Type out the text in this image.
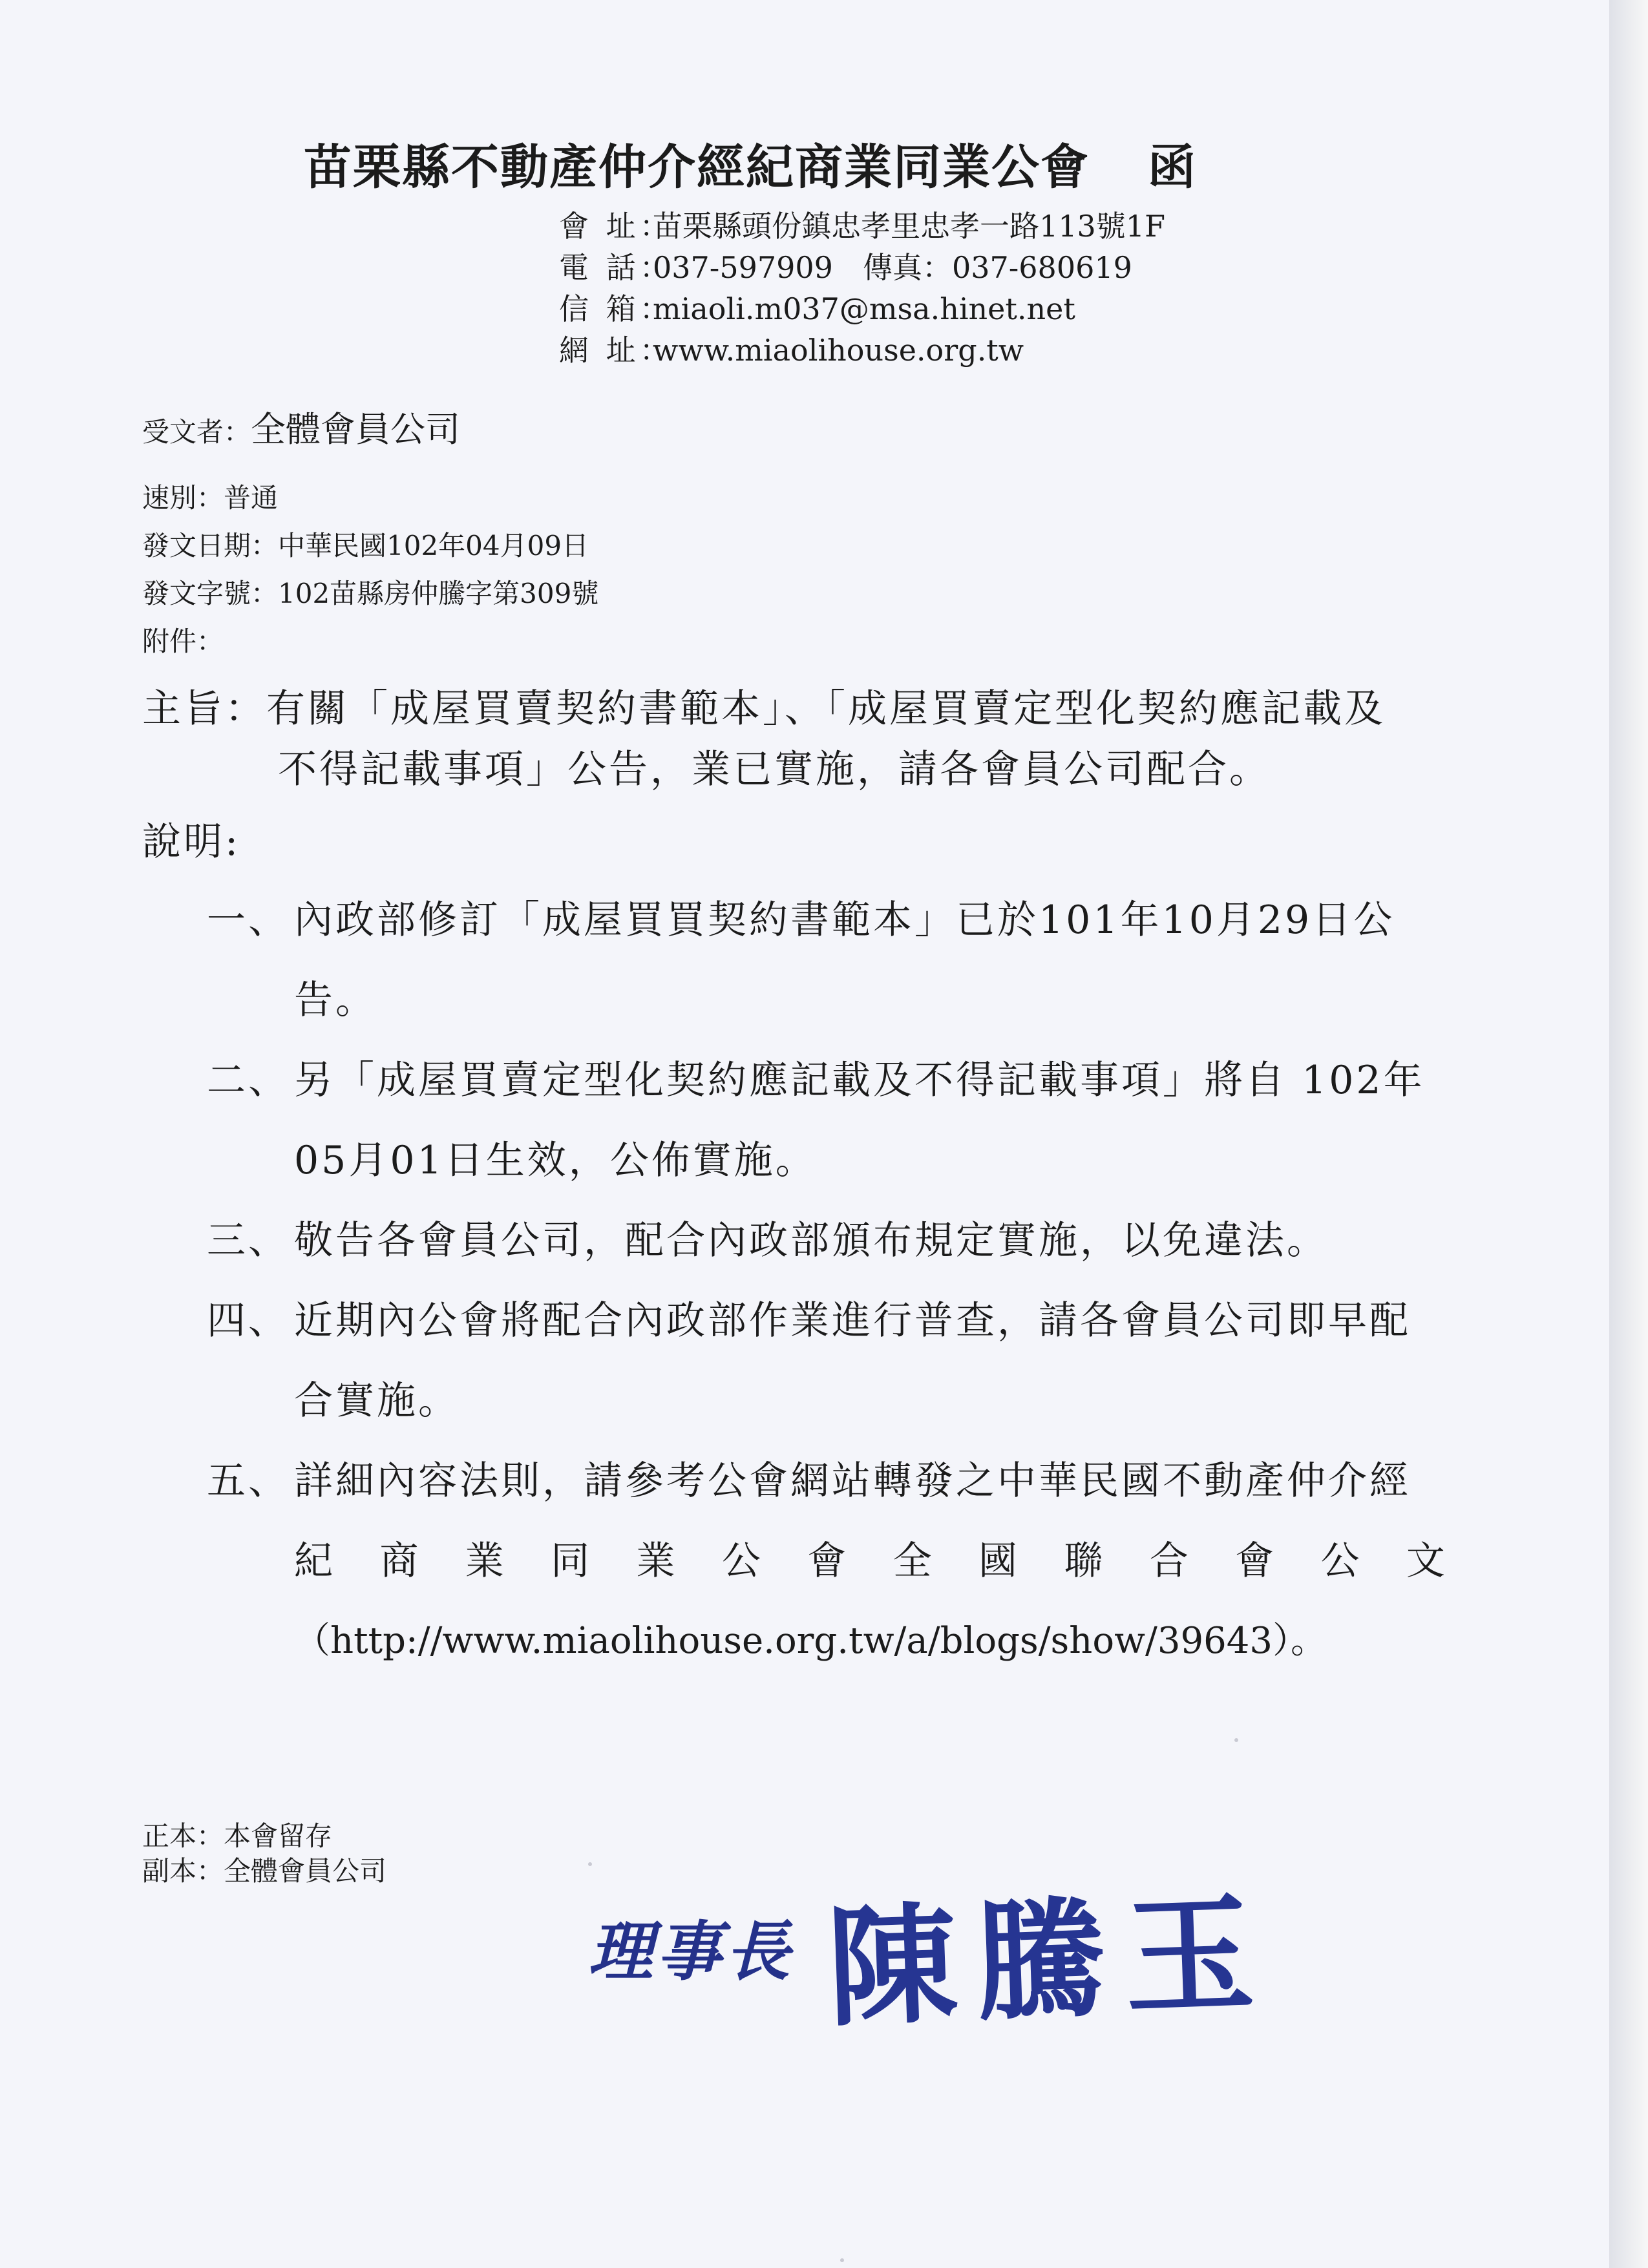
苗栗縣不動產仲介經紀商業同業公會 函
會 址：苗栗縣頭份鎮忠孝里忠孝一路113號1F
電 話：037-597909　傳真：037-680619
信 箱：miaoli.m037@msa.hinet.net
網 址：www.miaolihouse.org.tw
受文者：全體會員公司
速別：普通
發文日期：中華民國102年04月09日
發文字號：102苗縣房仲騰字第309號
附件：
主旨：有關「成屋買賣契約書範本」、「成屋買賣定型化契約應記載及
不得記載事項」公告，業已實施，請各會員公司配合。
說明:
一、 內政部修訂「成屋買買契約書範本」已於101年10月29日公告。
二、 另「成屋買賣定型化契約應記載及不得記載事項」將自 102年05月01日生效，公佈實施。
三、 敬告各會員公司，配合內政部頒布規定實施，以免違法。
四、 近期內公會將配合內政部作業進行普查，請各會員公司即早配合實施。
五、 詳細內容法則，請參考公會網站轉發之中華民國不動產仲介經
紀 商 業 同 業 公 會 全 國 聯 合 會 公 文
（http://www.miaolihouse.org.tw/a/blogs/show/39643）。
正本：本會留存
副本：全體會員公司
理事長 陳騰玉
